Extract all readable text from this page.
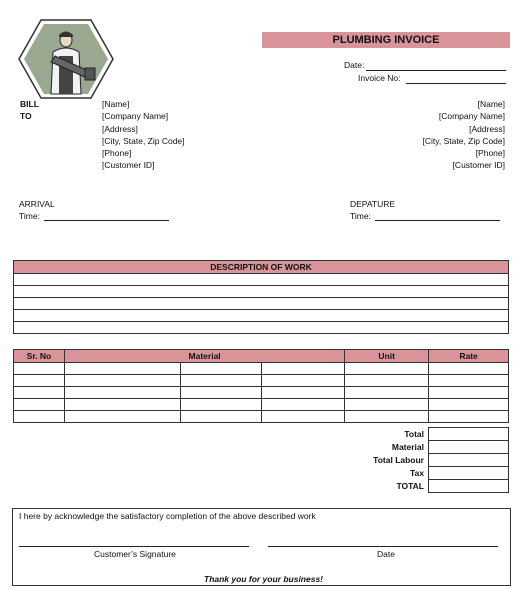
PLUMBING INVOICE
Date:
Invoice No:
BILL
TO
[Name]
[Company Name]
[Address]
[City, State, Zip Code]
[Phone]
[Customer ID]
[Name]
[Company Name]
[Address]
[City, State, Zip Code]
[Phone]
[Customer ID]
ARRIVAL
Time:
DEPATURE
Time:
DESCRIPTION OF WORK

Sr. No	Material			Unit	Rate

Total
Material
Total Labour
Tax
TOTAL

I here by acknowledge the satisfactory completion of the above described work
Customer’s Signature	Date
Thank you for your business!
